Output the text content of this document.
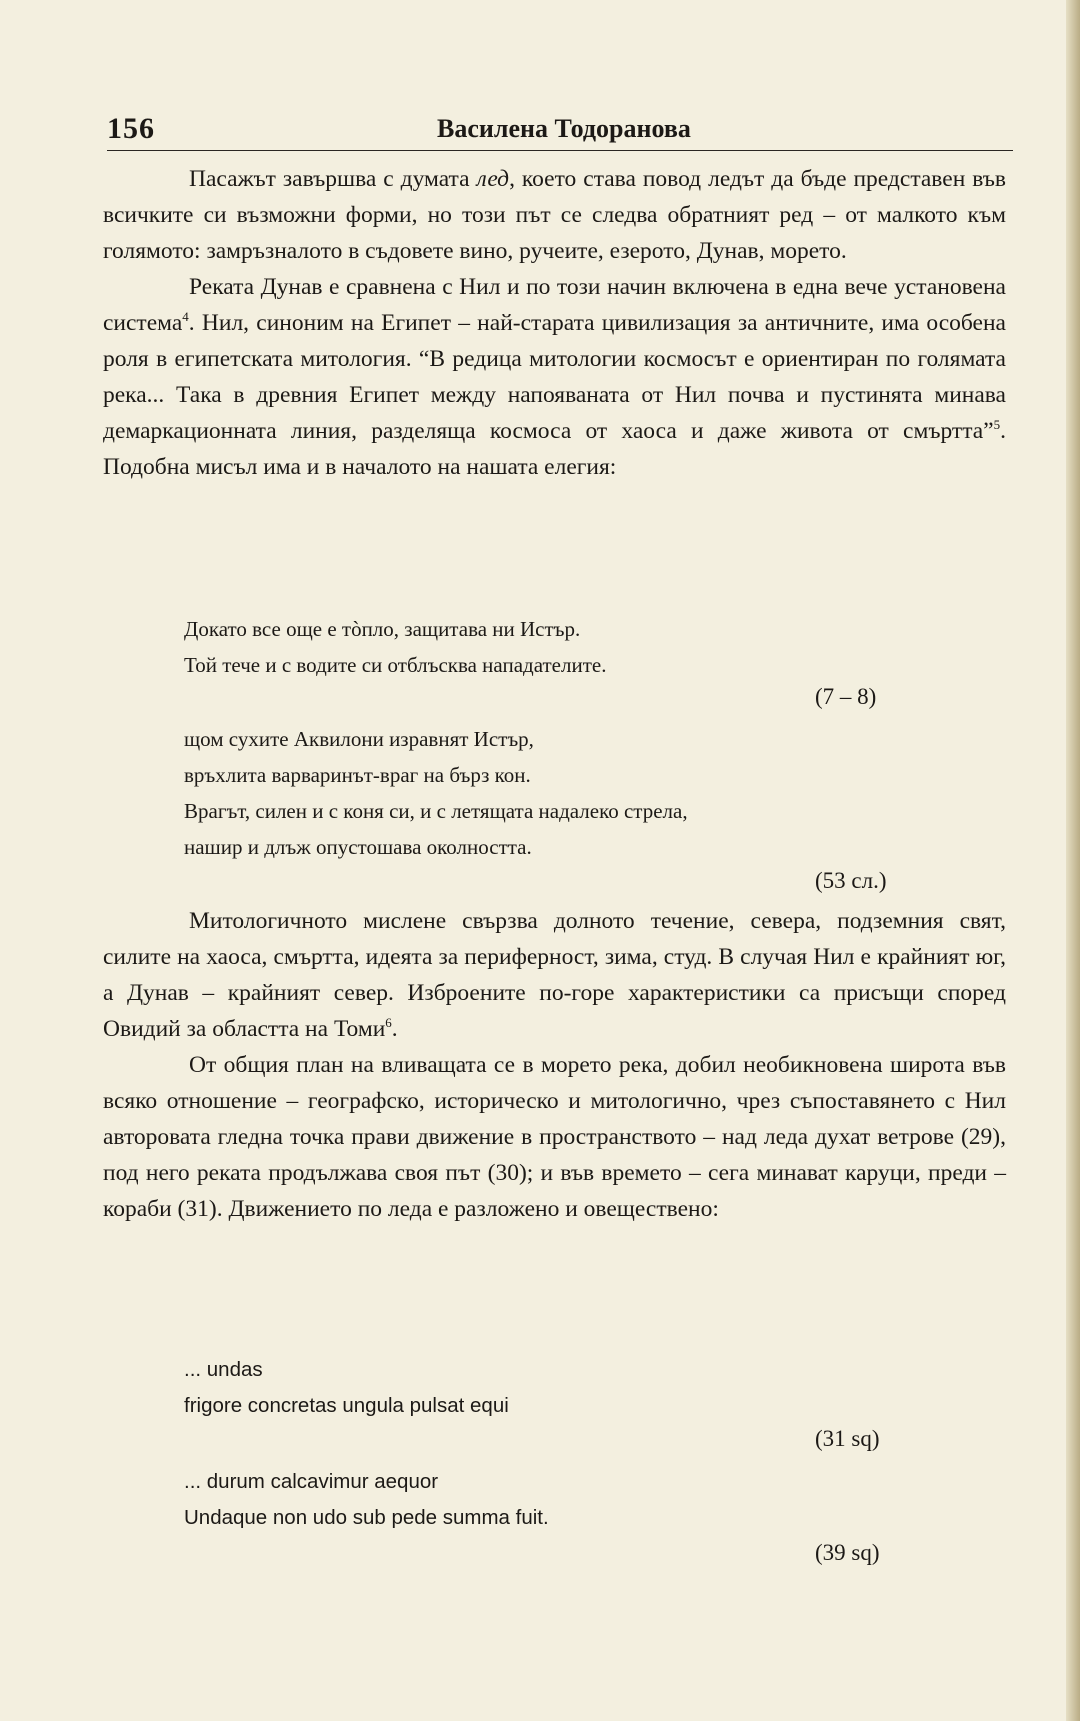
156	Василена Тодоранова

Пасажът завършва с думата лед, което става повод ледът да бъде представен във всичките си възможни форми, но този път се следва обратният ред – от малкото към голямото: замръзналото в съдовете вино, ручеите, езерото, Дунав, морето.

Реката Дунав е сравнена с Нил и по този начин включена в една вече установена система$^4$. Нил, синоним на Египет – най-старата цивилизация за античните, има особена роля в египетската митология. “В редица митологии космосът е ориентиран по голямата река... Така в древния Египет между напояваната от Нил почва и пустинята минава демаркационната линия, разделяща космоса от хаоса и даже живота от смъртта”$^5$. Подобна мисъл има и в началото на нашата елегия:

Докато все още е тòпло, защитава ни Истър.
Той тече и с водите си отблъсква нападателите.
(7 – 8)
щом сухите Аквилони изравнят Истър,
връхлита варваринът-враг на бърз кон.
Врагът, силен и с коня си, и с летящата надалеко стрела,
нашир и длъж опустошава околността.
(53 сл.)

Митологичното мислене свързва долното течение, севера, подземния свят, силите на хаоса, смъртта, идеята за периферност, зима, студ. В случая Нил е крайният юг, а Дунав – крайният север. Изброените по-горе характеристики са присъщи според Овидий за областта на Томи$^6$.

От общия план на вливащата се в морето река, добил необикновена широта във всяко отношение – географско, историческо и митологично, чрез съпоставянето с Нил авторовата гледна точка прави движение в пространството – над леда духат ветрове (29), под него реката продължава своя път (30); и във времето – сега минават каруци, преди – кораби (31). Движението по леда е разложено и овеществено:

... undas
frigore concretas ungula pulsat equi
(31 sq)
... durum calcavimur aequor
Undaque non udo sub pede summa fuit.
(39 sq)
